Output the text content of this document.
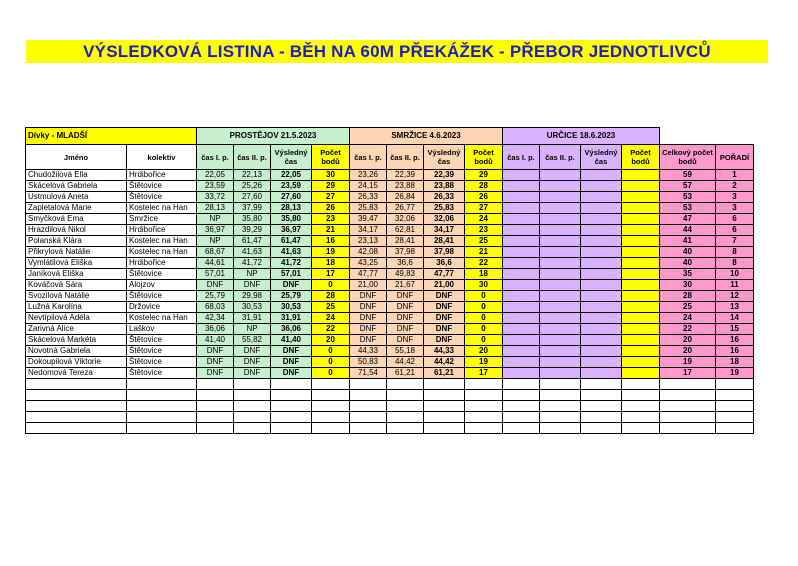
VÝSLEDKOVÁ LISTINA - BĚH NA 60M PŘEKÁŽEK - PŘEBOR JEDNOTLIVCŮ
Dívky - MLADŠÍ		PROSTĚJOV 21.5.2023				SMRŽICE 4.6.2023				URČICE 18.6.2023					
Jméno	kolektiv	čas I. p.	čas II. p.	Výsledný čas	Počet bodů	čas I. p.	čas II. p.	Výsledný čas	Počet bodů	čas I. p.	čas II. p.	Výsledný čas	Počet bodů	Celkový počet bodů	POŘADÍ
Chudožilová Ella	Hrdibořice	22,05	22,13	22,05	30	23,26	22,39	22,39	29					59	1
Skácelová Gabriela	Štětovice	23,59	25,26	23,59	29	24,15	23,88	23,88	28					57	2
Ustmulová Aneta	Štětovice	33,72	27,60	27,60	27	26,33	26,84	26,33	26					53	3
Zapletalová Marie	Kostelec na Han	28,13	37,99	28,13	26	25,83	26,77	25,83	27					53	3
Smyčková Ema	Smržice	NP	35,80	35,80	23	39,47	32,06	32,06	24					47	6
Hrazdilová Nikol	Hrdibořice	36,97	39,29	36,97	21	34,17	62,81	34,17	23					44	6
Polanská Klára	Kostelec na Han	NP	61,47	61,47	16	23,13	28,41	28,41	25					41	7
Přikrylová Natálie	Kostelec na Han	68,67	41,63	41,63	19	42,08	37,98	37,98	21					40	8
Vymlátilová Eliška	Hrdibořice	44,61	41,72	41,72	18	43,25	36,6	36,6	22					40	8
Janíková Eliška	Štětovice	57,01	NP	57,01	17	47,77	49,83	47,77	18					35	10
Kováčová Sára	Alojzov	DNF	DNF	DNF	0	21,00	21,67	21,00	30					30	11
Svozilová Natálie	Štětovice	25,79	29,98	25,79	28	DNF	DNF	DNF	0					28	12
Lužná Karolína	Držovice	68,03	30,53	30,53	25	DNF	DNF	DNF	0					25	13
Nevtípilová Adéla	Kostelec na Han	42,34	31,91	31,91	24	DNF	DNF	DNF	0					24	14
Zarivná Alice	Laškov	36,06	NP	36,06	22	DNF	DNF	DNF	0					22	15
Skácelová Markéta	Štětovice	41,40	55,82	41,40	20	DNF	DNF	DNF	0					20	16
Novotná Gabriela	Štětovice	DNF	DNF	DNF	0	44,33	55,18	44,33	20					20	16
Dokoupilová Viktorie	Štětovice	DNF	DNF	DNF	0	50,83	44,42	44,42	19					19	18
Nedomová Tereza	Štětovice	DNF	DNF	DNF	0	71,54	61,21	61,21	17					17	19
